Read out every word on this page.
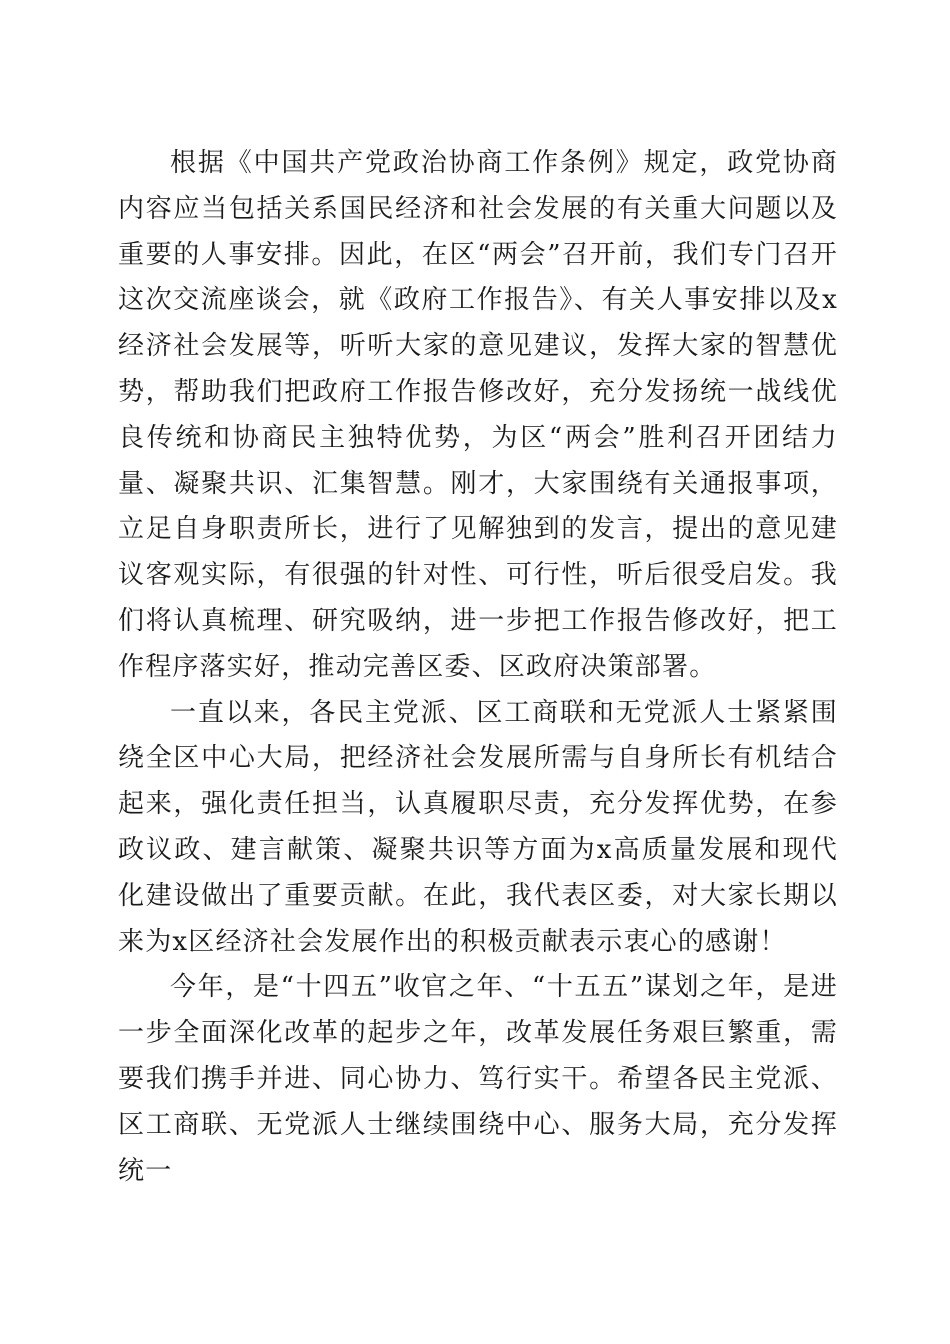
根据《中国共产党政治协商工作条例》规定，政党协商内容应当包括关系国民经济和社会发展的有关重大问题以及重要的人事安排。因此，在区“两会”召开前，我们专门召开这次交流座谈会，就《政府工作报告》、有关人事安排以及x经济社会发展等，听听大家的意见建议，发挥大家的智慧优势，帮助我们把政府工作报告修改好，充分发扬统一战线优良传统和协商民主独特优势，为区“两会”胜利召开团结力量、凝聚共识、汇集智慧。刚才，大家围绕有关通报事项，立足自身职责所长，进行了见解独到的发言，提出的意见建议客观实际，有很强的针对性、可行性，听后很受启发。我们将认真梳理、研究吸纳，进一步把工作报告修改好，把工作程序落实好，推动完善区委、区政府决策部署。

一直以来，各民主党派、区工商联和无党派人士紧紧围绕全区中心大局，把经济社会发展所需与自身所长有机结合起来，强化责任担当，认真履职尽责，充分发挥优势，在参政议政、建言献策、凝聚共识等方面为x高质量发展和现代化建设做出了重要贡献。在此，我代表区委，对大家长期以来为x区经济社会发展作出的积极贡献表示衷心的感谢！

今年，是“十四五”收官之年、“十五五”谋划之年，是进一步全面深化改革的起步之年，改革发展任务艰巨繁重，需要我们携手并进、同心协力、笃行实干。希望各民主党派、区工商联、无党派人士继续围绕中心、服务大局，充分发挥统一
